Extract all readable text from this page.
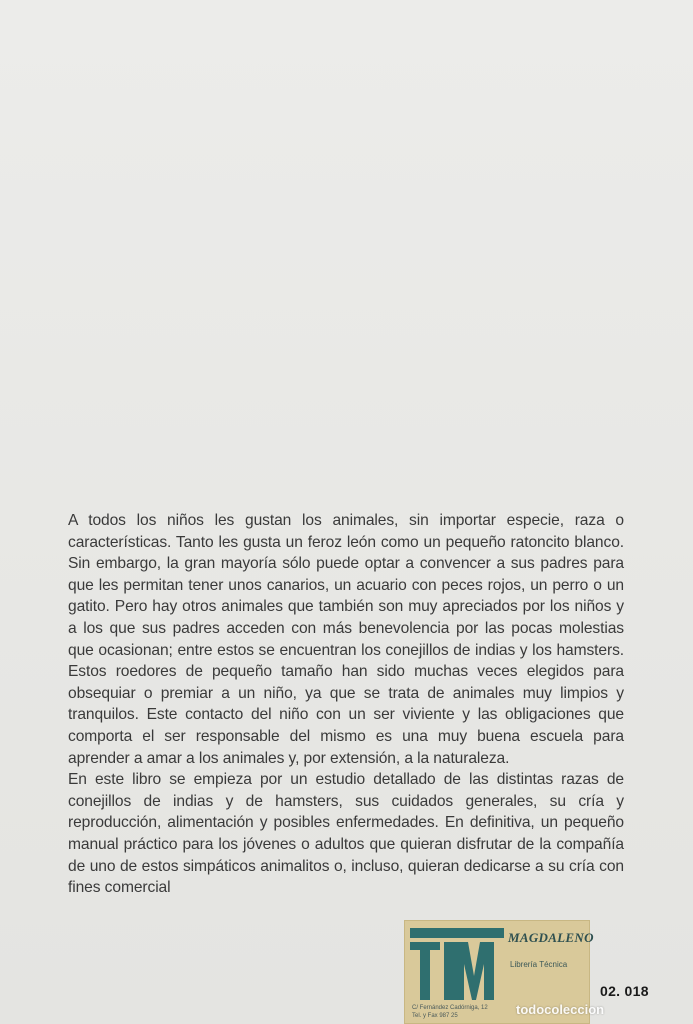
A todos los niños les gustan los animales, sin importar especie, raza o características. Tanto les gusta un feroz león como un pequeño ratoncito blanco. Sin embargo, la gran mayoría sólo puede optar a convencer a sus padres para que les permitan tener unos canarios, un acuario con peces rojos, un perro o un gatito. Pero hay otros animales que también son muy apreciados por los niños y a los que sus padres acceden con más benevolencia por las pocas molestias que ocasionan; entre estos se encuentran los conejillos de indias y los hamsters. Estos roedores de pequeño tamaño han sido muchas veces elegidos para obsequiar o premiar a un niño, ya que se trata de animales muy limpios y tranquilos. Este contacto del niño con un ser viviente y las obligaciones que comporta el ser responsable del mismo es una muy buena escuela para aprender a amar a los animales y, por extensión, a la naturaleza.

En este libro se empieza por un estudio detallado de las distintas razas de conejillos de indias y de hamsters, sus cuidados generales, su cría y reproducción, alimentación y posibles enfermedades. En definitiva, un pequeño manual práctico para los jóvenes o adultos que quieran disfrutar de la compañía de uno de estos simpáticos animalitos o, incluso, quieran dedicarse a su cría con fines comercial

MAGDALENO
Librería Técnica
C/ Fernández Cadórniga, 12
Tel. y Fax 987 25
02. 018
todocoleccion
